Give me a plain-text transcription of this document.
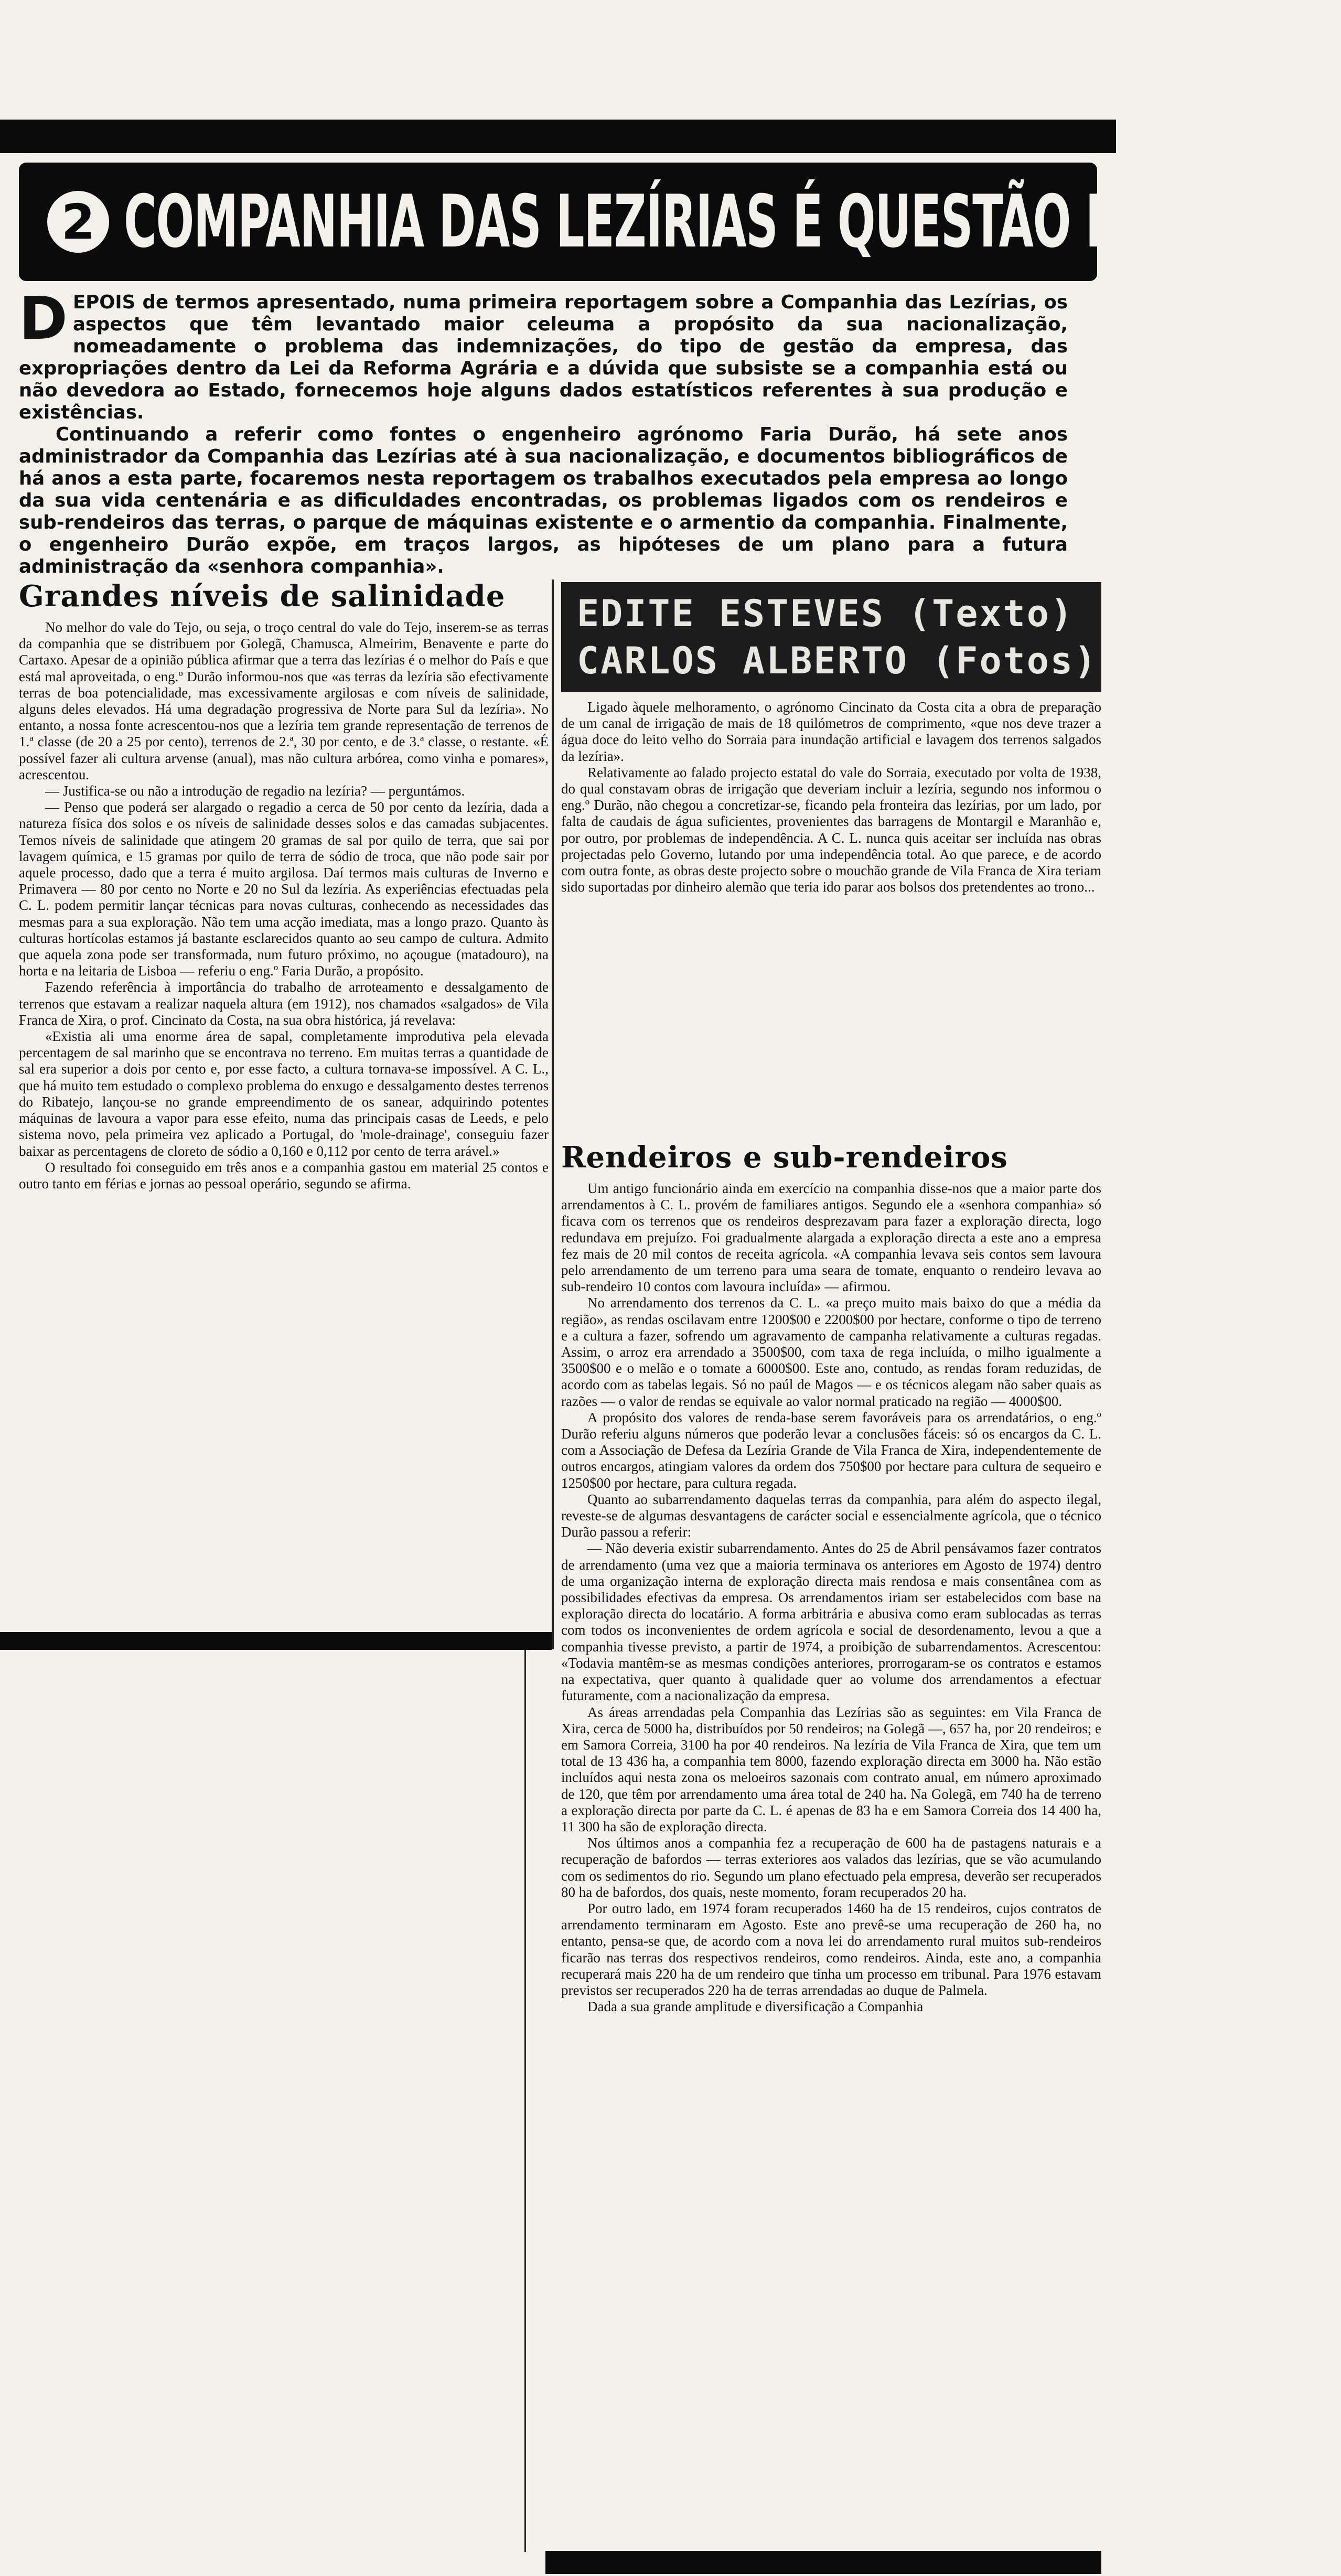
2 COMPANHIA DAS LEZÍRIAS É QUESTÃO NACIONAL

DEPOIS de termos apresentado, numa primeira reportagem sobre a Companhia das Lezírias, os aspectos que têm levantado maior celeuma a propósito da sua nacionalização, nomeadamente o problema das indemnizações, do tipo de gestão da empresa, das expropriações dentro da Lei da Reforma Agrária e a dúvida que subsiste se a companhia está ou não devedora ao Estado, fornecemos hoje alguns dados estatísticos referentes à sua produção e existências.

Continuando a referir como fontes o engenheiro agrónomo Faria Durão, há sete anos administrador da Companhia das Lezírias até à sua nacionalização, e documentos bibliográficos de há anos a esta parte, focaremos nesta reportagem os trabalhos executados pela empresa ao longo da sua vida centenária e as dificuldades encontradas, os problemas ligados com os rendeiros e sub-rendeiros das terras, o parque de máquinas existente e o armentio da companhia. Finalmente, o engenheiro Durão expõe, em traços largos, as hipóteses de um plano para a futura administração da «senhora companhia».

Grandes níveis de salinidade

No melhor do vale do Tejo, ou seja, o troço central do vale do Tejo, inserem-se as terras da companhia que se distribuem por Golegã, Chamusca, Almeirim, Benavente e parte do Cartaxo. Apesar de a opinião pública afirmar que a terra das lezírias é o melhor do País e que está mal aproveitada, o eng.º Durão informou-nos que «as terras da lezíria são efectivamente terras de boa potencialidade, mas excessivamente argilosas e com níveis de salinidade, alguns deles elevados. Há uma degradação progressiva de Norte para Sul da lezíria». No entanto, a nossa fonte acrescentou-nos que a lezíria tem grande representação de terrenos de 1.ª classe (de 20 a 25 por cento), terrenos de 2.ª, 30 por cento, e de 3.ª classe, o restante. «É possível fazer ali cultura arvense (anual), mas não cultura arbórea, como vinha e pomares», acrescentou.

— Justifica-se ou não a introdução de regadio na lezíria? — perguntámos.

— Penso que poderá ser alargado o regadio a cerca de 50 por cento da lezíria, dada a natureza física dos solos e os níveis de salinidade desses solos e das camadas subjacentes. Temos níveis de salinidade que atingem 20 gramas de sal por quilo de terra, que sai por lavagem química, e 15 gramas por quilo de terra de sódio de troca, que não pode sair por aquele processo, dado que a terra é muito argilosa. Daí termos mais culturas de Inverno e Primavera — 80 por cento no Norte e 20 no Sul da lezíria. As experiências efectuadas pela C. L. podem permitir lançar técnicas para novas culturas, conhecendo as necessidades das mesmas para a sua exploração. Não tem uma acção imediata, mas a longo prazo. Quanto às culturas hortícolas estamos já bastante esclarecidos quanto ao seu campo de cultura. Admito que aquela zona pode ser transformada, num futuro próximo, no açougue (matadouro), na horta e na leitaria de Lisboa — referiu o eng.º Faria Durão, a propósito.

Fazendo referência à importância do trabalho de arroteamento e dessalgamento de terrenos que estavam a realizar naquela altura (em 1912), nos chamados «salgados» de Vila Franca de Xira, o prof. Cincinato da Costa, na sua obra histórica, já revelava:

«Existia ali uma enorme área de sapal, completamente improdutiva pela elevada percentagem de sal marinho que se encontrava no terreno. Em muitas terras a quantidade de sal era superior a dois por cento e, por esse facto, a cultura tornava-se impossível. A C. L., que há muito tem estudado o complexo problema do enxugo e dessalgamento destes terrenos do Ribatejo, lançou-se no grande empreendimento de os sanear, adquirindo potentes máquinas de lavoura a vapor para esse efeito, numa das principais casas de Leeds, e pelo sistema novo, pela primeira vez aplicado a Portugal, do 'mole-drainage', conseguiu fazer baixar as percentagens de cloreto de sódio a 0,160 e 0,112 por cento de terra arável.»

O resultado foi conseguido em três anos e a companhia gastou em material 25 contos e outro tanto em férias e jornas ao pessoal operário, segundo se afirma.

EDITE ESTEVES (Texto)
CARLOS ALBERTO (Fotos)

Ligado àquele melhoramento, o agrónomo Cincinato da Costa cita a obra de preparação de um canal de irrigação de mais de 18 quilómetros de comprimento, «que nos deve trazer a água doce do leito velho do Sorraia para inundação artificial e lavagem dos terrenos salgados da lezíria».

Relativamente ao falado projecto estatal do vale do Sorraia, executado por volta de 1938, do qual constavam obras de irrigação que deveriam incluir a lezíria, segundo nos informou o eng.º Durão, não chegou a concretizar-se, ficando pela fronteira das lezírias, por um lado, por falta de caudais de água suficientes, provenientes das barragens de Montargil e Maranhão e, por outro, por problemas de independência. A C. L. nunca quis aceitar ser incluída nas obras projectadas pelo Governo, lutando por uma independência total. Ao que parece, e de acordo com outra fonte, as obras deste projecto sobre o mouchão grande de Vila Franca de Xira teriam sido suportadas por dinheiro alemão que teria ido parar aos bolsos dos pretendentes ao trono...

Rendeiros e sub-rendeiros

Um antigo funcionário ainda em exercício na companhia disse-nos que a maior parte dos arrendamentos à C. L. provém de familiares antigos. Segundo ele a «senhora companhia» só ficava com os terrenos que os rendeiros desprezavam para fazer a exploração directa, logo redundava em prejuízo. Foi gradualmente alargada a exploração directa a este ano a empresa fez mais de 20 mil contos de receita agrícola. «A companhia levava seis contos sem lavoura pelo arrendamento de um terreno para uma seara de tomate, enquanto o rendeiro levava ao sub-rendeiro 10 contos com lavoura incluída» — afirmou.

No arrendamento dos terrenos da C. L. «a preço muito mais baixo do que a média da região», as rendas oscilavam entre 1200$00 e 2200$00 por hectare, conforme o tipo de terreno e a cultura a fazer, sofrendo um agravamento de campanha relativamente a culturas regadas. Assim, o arroz era arrendado a 3500$00, com taxa de rega incluída, o milho igualmente a 3500$00 e o melão e o tomate a 6000$00. Este ano, contudo, as rendas foram reduzidas, de acordo com as tabelas legais. Só no paúl de Magos — e os técnicos alegam não saber quais as razões — o valor de rendas se equivale ao valor normal praticado na região — 4000$00.

A propósito dos valores de renda-base serem favoráveis para os arrendatários, o eng.º Durão referiu alguns números que poderão levar a conclusões fáceis: só os encargos da C. L. com a Associação de Defesa da Lezíria Grande de Vila Franca de Xira, independentemente de outros encargos, atingiam valores da ordem dos 750$00 por hectare para cultura de sequeiro e 1250$00 por hectare, para cultura regada.

Quanto ao subarrendamento daquelas terras da companhia, para além do aspecto ilegal, reveste-se de algumas desvantagens de carácter social e essencialmente agrícola, que o técnico Durão passou a referir:

— Não deveria existir subarrendamento. Antes do 25 de Abril pensávamos fazer contratos de arrendamento (uma vez que a maioria terminava os anteriores em Agosto de 1974) dentro de uma organização interna de exploração directa mais rendosa e mais consentânea com as possibilidades efectivas da empresa. Os arrendamentos iriam ser estabelecidos com base na exploração directa do locatário. A forma arbitrária e abusiva como eram sublocadas as terras com todos os inconvenientes de ordem agrícola e social de desordenamento, levou a que a companhia tivesse previsto, a partir de 1974, a proibição de subarrendamentos. Acrescentou: «Todavia mantêm-se as mesmas condições anteriores, prorrogaram-se os contratos e estamos na expectativa, quer quanto à qualidade quer ao volume dos arrendamentos a efectuar futuramente, com a nacionalização da empresa.

As áreas arrendadas pela Companhia das Lezírias são as seguintes: em Vila Franca de Xira, cerca de 5000 ha, distribuídos por 50 rendeiros; na Golegã —, 657 ha, por 20 rendeiros; e em Samora Correia, 3100 ha por 40 rendeiros. Na lezíria de Vila Franca de Xira, que tem um total de 13 436 ha, a companhia tem 8000, fazendo exploração directa em 3000 ha. Não estão incluídos aqui nesta zona os meloeiros sazonais com contrato anual, em número aproximado de 120, que têm por arrendamento uma área total de 240 ha. Na Golegã, em 740 ha de terreno a exploração directa por parte da C. L. é apenas de 83 ha e em Samora Correia dos 14 400 ha, 11 300 ha são de exploração directa.

Nos últimos anos a companhia fez a recuperação de 600 ha de pastagens naturais e a recuperação de bafordos — terras exteriores aos valados das lezírias, que se vão acumulando com os sedimentos do rio. Segundo um plano efectuado pela empresa, deverão ser recuperados 80 ha de bafordos, dos quais, neste momento, foram recuperados 20 ha.

Por outro lado, em 1974 foram recuperados 1460 ha de 15 rendeiros, cujos contratos de arrendamento terminaram em Agosto. Este ano prevê-se uma recuperação de 260 ha, no entanto, pensa-se que, de acordo com a nova lei do arrendamento rural muitos sub-rendeiros ficarão nas terras dos respectivos rendeiros, como rendeiros. Ainda, este ano, a companhia recuperará mais 220 ha de um rendeiro que tinha um processo em tribunal. Para 1976 estavam previstos ser recuperados 220 ha de terras arrendadas ao duque de Palmela.

Dada a sua grande amplitude e diversificação a Companhia
